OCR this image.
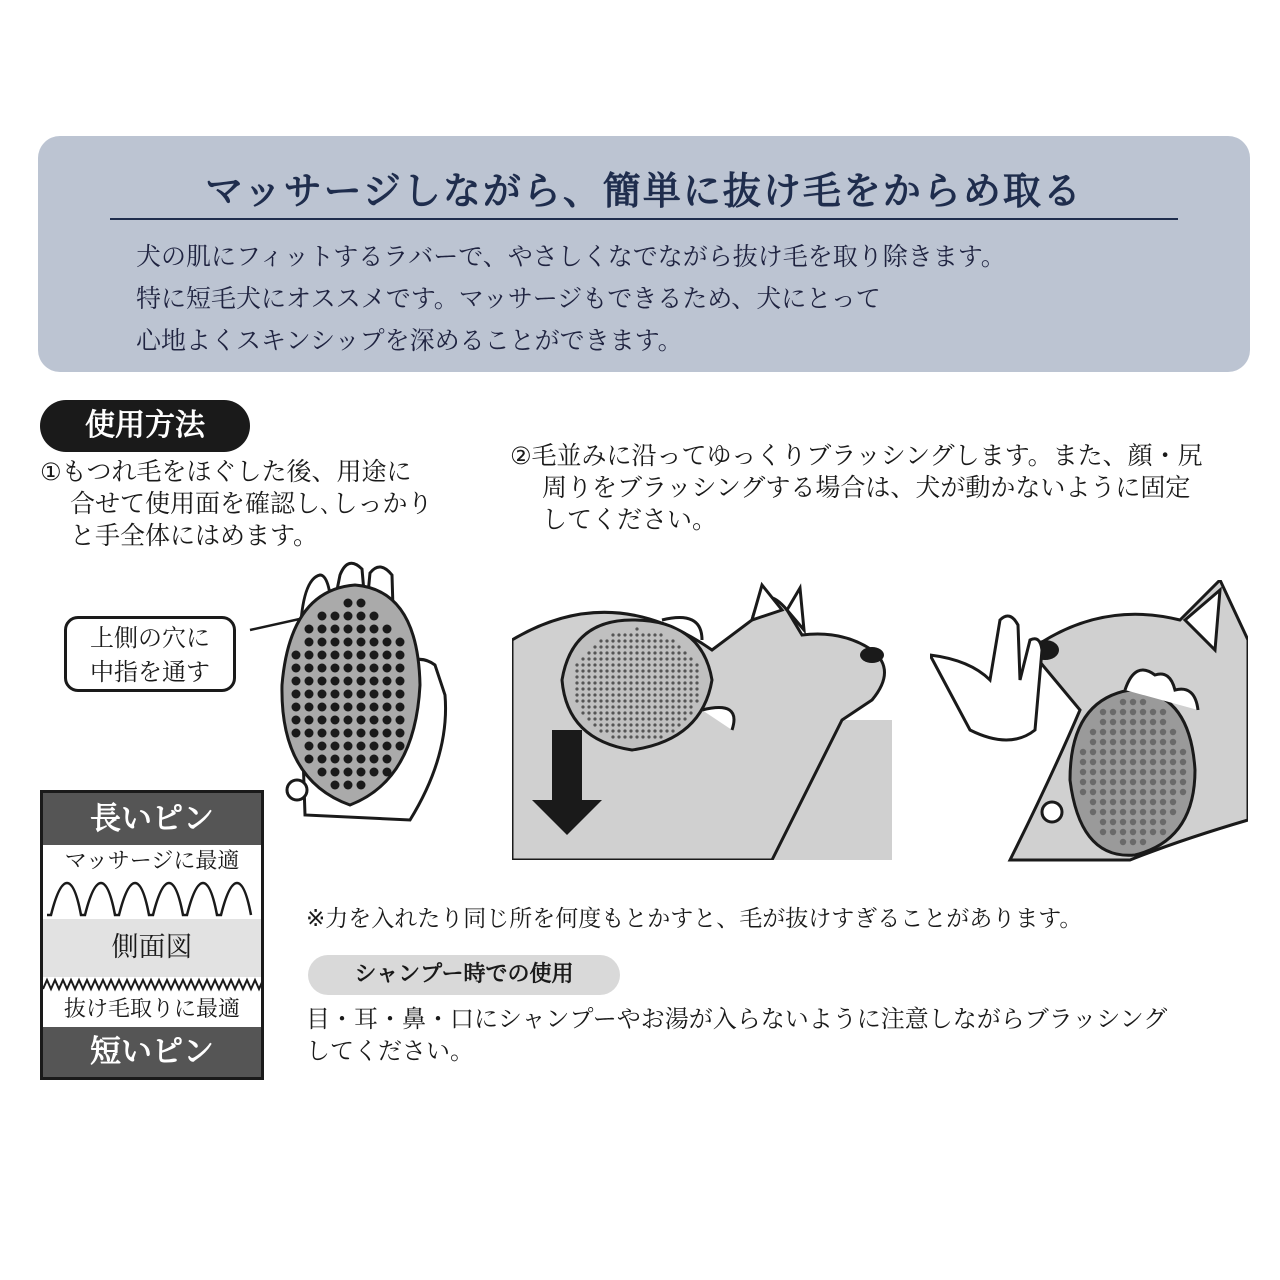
マッサージしながら、簡単に抜け毛をからめ取る
犬の肌にフィットするラバーで、やさしくなでながら抜け毛を取り除きます。
特に短毛犬にオススメです。マッサージもできるため、犬にとって
心地よくスキンシップを深めることができます。
使用方法
①もつれ毛をほぐした後、用途に
合せて使用面を確認し､しっかり
と手全体にはめます。
②毛並みに沿ってゆっくりブラッシングします。また、顔・尻
周りをブラッシングする場合は、犬が動かないように固定
してください。
上側の穴に
中指を通す
長いピン
マッサージに最適
側面図
抜け毛取りに最適
短いピン
※力を入れたり同じ所を何度もとかすと、毛が抜けすぎることがあります。
シャンプー時での使用
目・耳・鼻・口にシャンプーやお湯が入らないように注意しながらブラッシング
してください。
